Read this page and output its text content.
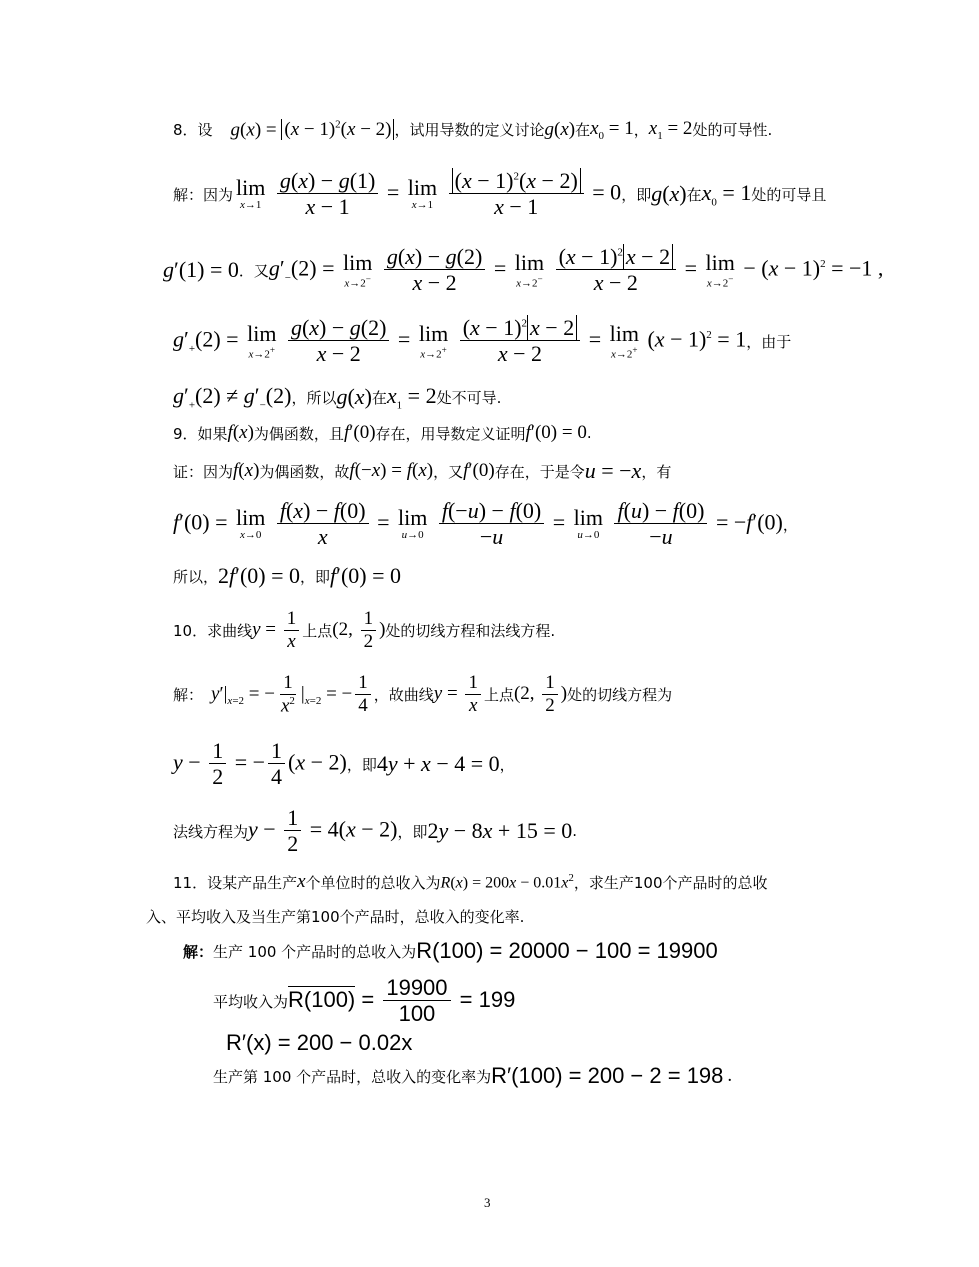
8．设 $g(x) = (x - 1)^2(x - 2)$ ，试用导数的定义讨论 g(x) 在 $x_0 = 1$ ， $x_1 = 2$ 处的可导性.
解：因为 lim
x→1
$\frac{g(x) - g(1)}{x - 1} = \lim$
x→1
$\frac{(x - 1)^2(x - 2)}{x - 1} = 0$ ，即 g(x) 在 $x_0 = 1$ 处的可导且
g′(1) = 0 ．又 $g'_-(2) = \lim$
x→2−
$\frac{g(x) - g(2)}{x - 2} = \lim$
x→2−
$\frac{(x - 1)^2 x - 2}{x - 2} = \lim$
$x\to 2^- - (x - 1)^2 = -1$ ,
$g'_+(2) = \lim$
x→2+
$\frac{g(x) - g(2)}{x - 2} = \lim$
x→2+
$\frac{(x - 1)^2 x - 2}{x - 2} = \lim$
x→2+ $(x - 1)^2 = 1$ ，由于
$g'_+(2) \ne g'_-(2)$ ，所以 g(x) 在 $x_1 = 2$ 处不可导.
9．如果 f(x) 为偶函数，且 f′(0) 存在，用导数定义证明 f′(0) = 0 .
证：因为 f(x) 为偶函数，故 f(−x) = f(x) ，又 f′(0) 存在，于是令 u = −x ，有
f′(0) = lim
x→0
$\frac{f(x) - f(0)}{x} = \lim$
u→0
$\frac{f(-u) - f(0)}{-u} = \lim$
u→0
$\frac{f(u) - f(0)}{-u} = -f'(0)$ ，
所以， 2f′(0) = 0 ，即 f′(0) = 0
10．求曲线 $y = \frac{1}{x}$ 上点 (2, $\frac{1}{2}$ ) 处的切线方程和法线方程.
解： $y'|_{x=2}$ = − $\frac{1}{x^2} |_{x=2}$ = − $\frac{1}{4}$ ，故曲线 $y = \frac{1}{x}$ 上点 (2, $\frac{1}{2}$ ) 处的切线方程为
$y - \frac{1}{2}$ = − $\frac{1}{4} (x - 2)$ ，即 4y + x − 4 = 0 ，
法线方程为 $y - \frac{1}{2} = 4(x - 2)$ ，即 2y − 8x + 15 = 0 .
11．设某产品生产 x 个单位时的总收入为 $R(x) = 200x - 0.01x^2$ ，求生产100个产品时的总收
入、平均收入及当生产第100个产品时，总收入的变化率.
解： 生产 100 个产品时的总收入为 R(100) = 20000 − 100 = 19900
平均收入为 $R(100) = \frac{19900}{100} = 199$
R′(x) = 200 − 0.02x
生产第 100 个产品时，总收入的变化率为 R′(100) = 200 − 2 = 198 .
3
